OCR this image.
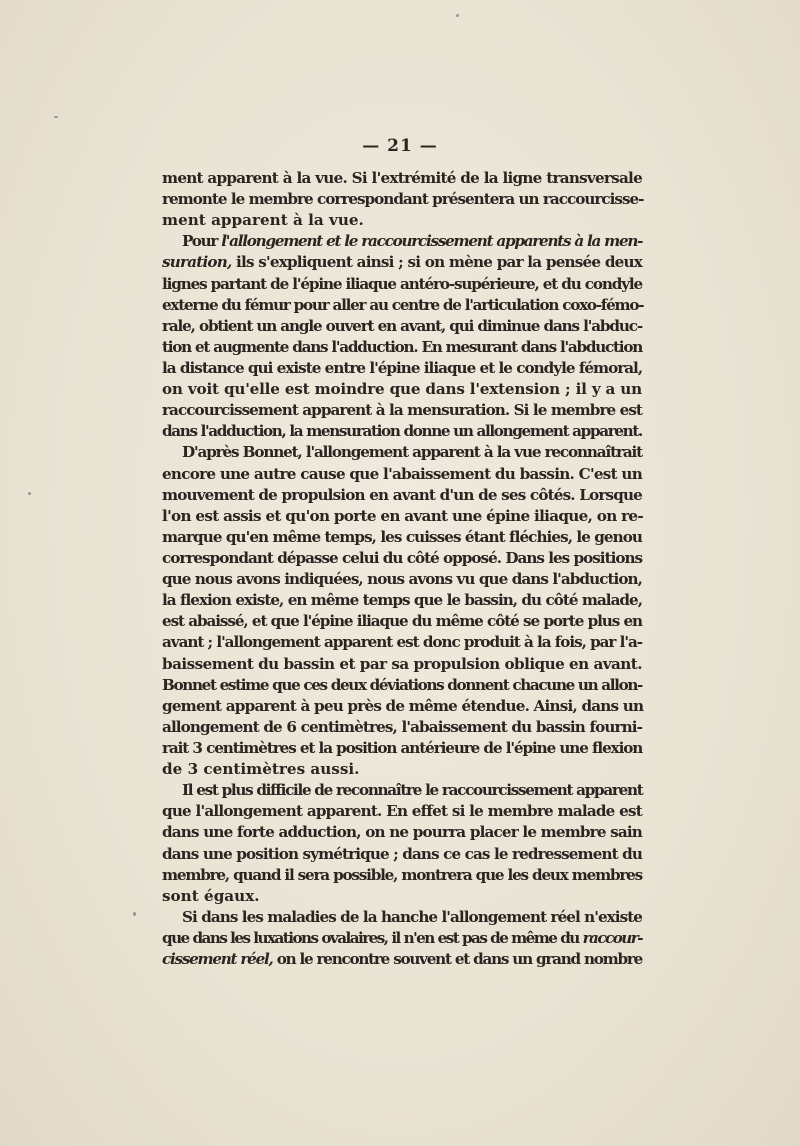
— 21 —
ment apparent à la vue. Si l'extrémité de la ligne transversale
remonte le membre correspondant présentera un raccourcisse-
ment apparent à la vue.
Pour l'allongement et le raccourcissement apparents à la men-
suration, ils s'expliquent ainsi ; si on mène par la pensée deux
lignes partant de l'épine iliaque antéro-supérieure, et du condyle
externe du fémur pour aller au centre de l'articulation coxo-fémo-
rale, obtient un angle ouvert en avant, qui diminue dans l'abduc-
tion et augmente dans l'adduction. En mesurant dans l'abduction
la distance qui existe entre l'épine iliaque et le condyle fémoral,
on voit qu'elle est moindre que dans l'extension ; il y a un
raccourcissement apparent à la mensuration. Si le membre est
dans l'adduction, la mensuration donne un allongement apparent.
D'après Bonnet, l'allongement apparent à la vue reconnaîtrait
encore une autre cause que l'abaissement du bassin. C'est un
mouvement de propulsion en avant d'un de ses côtés. Lorsque
l'on est assis et qu'on porte en avant une épine iliaque, on re-
marque qu'en même temps, les cuisses étant fléchies, le genou
correspondant dépasse celui du côté opposé. Dans les positions
que nous avons indiquées, nous avons vu que dans l'abduction,
la flexion existe, en même temps que le bassin, du côté malade,
est abaissé, et que l'épine iliaque du même côté se porte plus en
avant ; l'allongement apparent est donc produit à la fois, par l'a-
baissement du bassin et par sa propulsion oblique en avant.
Bonnet estime que ces deux déviations donnent chacune un allon-
gement apparent à peu près de même étendue. Ainsi, dans un
allongement de 6 centimètres, l'abaissement du bassin fourni-
rait 3 centimètres et la position antérieure de l'épine une flexion
de 3 centimètres aussi.
Il est plus difficile de reconnaître le raccourcissement apparent
que l'allongement apparent. En effet si le membre malade est
dans une forte adduction, on ne pourra placer le membre sain
dans une position symétrique ; dans ce cas le redressement du
membre, quand il sera possible, montrera que les deux membres
sont égaux.
Si dans les maladies de la hanche l'allongement réel n'existe
que dans les luxations ovalaires, il n'en est pas de même du raccour-
cissement réel, on le rencontre souvent et dans un grand nombre
